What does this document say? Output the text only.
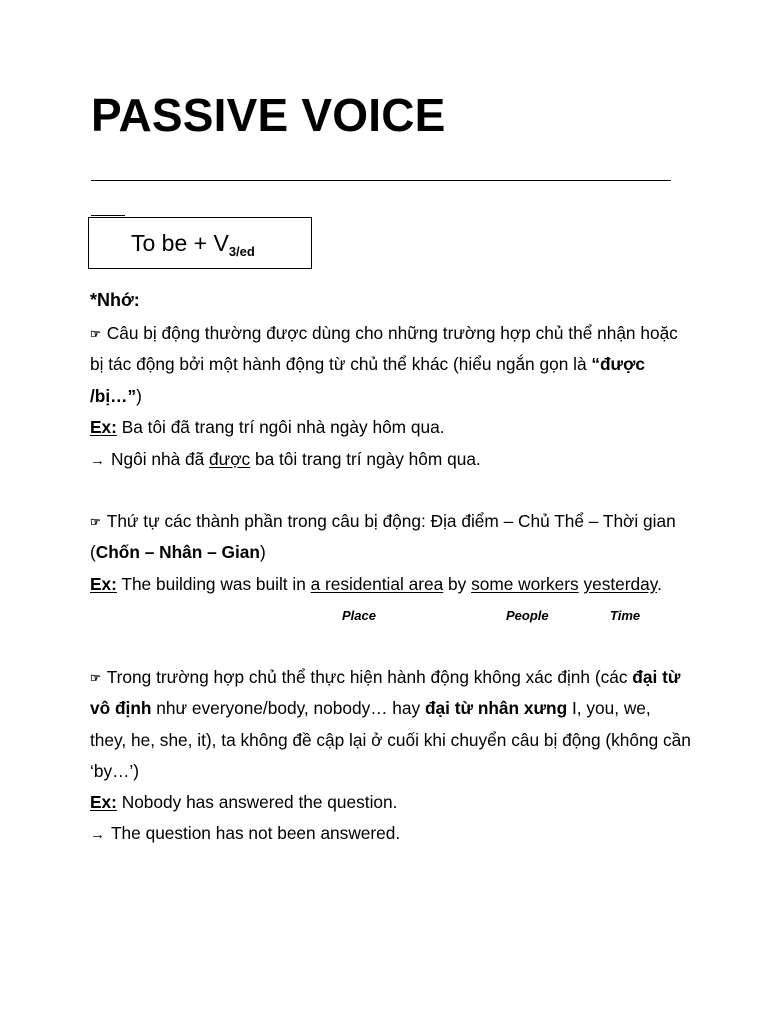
PASSIVE VOICE
To be + $V_{3/ed}$
*Nhớ:
☞ Câu bị động thường được dùng cho những trường hợp chủ thể nhận hoặc
bị tác động bởi một hành động từ chủ thể khác (hiểu ngắn gọn là “được
/bị…”)
Ex: Ba tôi đã trang trí ngôi nhà ngày hôm qua.
→ Ngôi nhà đã được ba tôi trang trí ngày hôm qua.
☞ Thứ tự các thành phần trong câu bị động: Địa điểm – Chủ Thể – Thời gian
(Chốn – Nhân – Gian)
Ex: The building was built in a residential area by some workers yesterday.
Place	People	Time
☞ Trong trường hợp chủ thể thực hiện hành động không xác định (các đại từ
vô định như everyone/body, nobody… hay đại từ nhân xưng I, you, we,
they, he, she, it), ta không đề cập lại ở cuối khi chuyển câu bị động (không cần
‘by…’)
Ex: Nobody has answered the question.
→ The question has not been answered.
